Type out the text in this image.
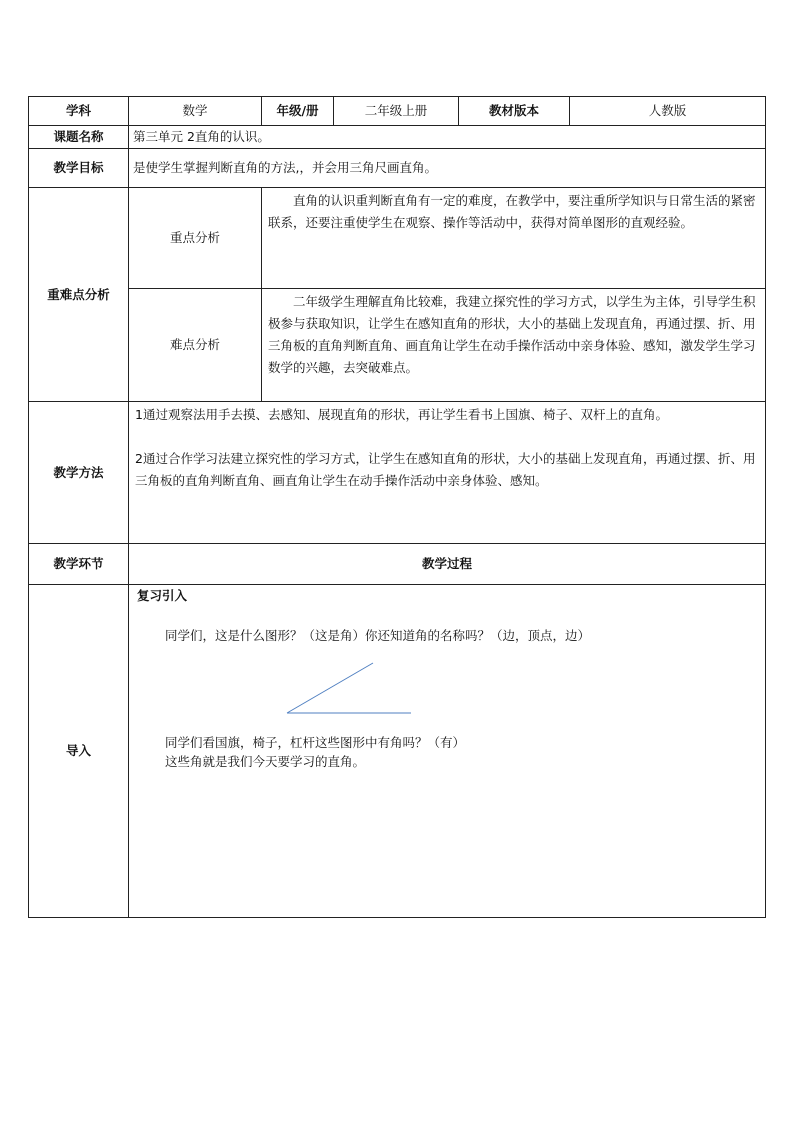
学科	数学	年级/册	二年级上册	教材版本	人教版
课题名称	第三单元 2直角的认识。				
教学目标	是使学生掌握判断直角的方法,，并会用三角尺画直角。				
重难点分析	重点分析	直角的认识重判断直角有一定的难度，在教学中，要注重所学知识与日常生活的紧密联系，还要注重使学生在观察、操作等活动中，获得对简单图形的直观经验。			
	难点分析	二年级学生理解直角比较难，我建立探究性的学习方式，以学生为主体，引导学生积极参与获取知识，让学生在感知直角的形状，大小的基础上发现直角，再通过摆、折、用三角板的直角判断直角、画直角让学生在动手操作活动中亲身体验、感知，激发学生学习数学的兴趣，去突破难点。			
教学方法	1通过观察法用手去摸、去感知、展现直角的形状，再让学生看书上国旗、椅子、双杆上的直角。

2通过合作学习法建立探究性的学习方式，让学生在感知直角的形状，大小的基础上发现直角，再通过摆、折、用三角板的直角判断直角、画直角让学生在动手操作活动中亲身体验、感知。				

教学环节	教学过程				
导入	复习引入
同学们，这是什么图形？（这是角）你还知道角的名称吗？（边，顶点，边）
同学们看国旗，椅子，杠杆这些图形中有角吗？（有）
这些角就是我们今天要学习的直角。				
